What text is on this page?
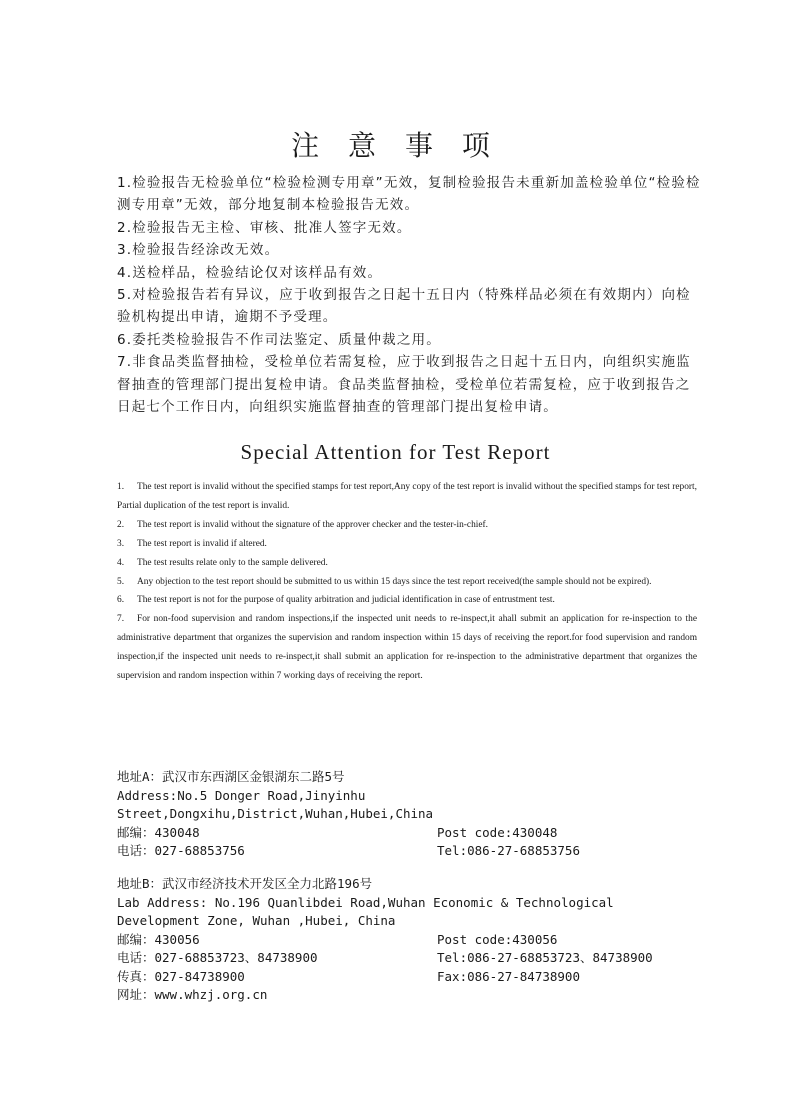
注 意 事 项

1.检验报告无检验单位“检验检测专用章”无效，复制检验报告未重新加盖检验单位“检验检测专用章”无效，部分地复制本检验报告无效。

2.检验报告无主检、审核、批准人签字无效。

3.检验报告经涂改无效。

4.送检样品，检验结论仅对该样品有效。

5.对检验报告若有异议，应于收到报告之日起十五日内（特殊样品必须在有效期内）向检验机构提出申请，逾期不予受理。

6.委托类检验报告不作司法鉴定、质量仲裁之用。

7.非食品类监督抽检，受检单位若需复检，应于收到报告之日起十五日内，向组织实施监督抽查的管理部门提出复检申请。食品类监督抽检，受检单位若需复检，应于收到报告之日起七个工作日内，向组织实施监督抽查的管理部门提出复检申请。

Special Attention for Test Report

1. The test report is invalid without the specified stamps for test report,Any copy of the test report is invalid without the specified stamps for test report, Partial duplication of the test report is invalid.

2. The test report is invalid without the signature of the approver checker and the tester-in-chief.

3. The test report is invalid if altered.

4. The test results relate only to the sample delivered.

5. Any objection to the test report should be submitted to us within 15 days since the test report received(the sample should not be expired).

6. The test report is not for the purpose of quality arbitration and judicial identification in case of entrustment test.

7. For non-food supervision and random inspections,if the inspected unit needs to re-inspect,it ahall submit an application for re-inspection to the administrative department that organizes the supervision and random inspection within 15 days of receiving the report.for food supervision and random inspection,if the inspected unit needs to re-inspect,it shall submit an application for re-inspection to the administrative department that organizes the supervision and random inspection within 7 working days of receiving the report.

地址A：武汉市东西湖区金银湖东二路5号
Address:No.5 Donger Road,Jinyinhu Street,Dongxihu,District,Wuhan,Hubei,China
邮编：430048	Post code:430048
电话：027-68853756	Tel:086-27-68853756
地址B：武汉市经济技术开发区全力北路196号
Lab Address: No.196 Quanlibdei Road,Wuhan Economic & Technological Development Zone, Wuhan ,Hubei, China
邮编：430056	Post code:430056
电话：027-68853723、84738900	Tel:086-27-68853723、84738900
传真：027-84738900	Fax:086-27-84738900
网址：www.whzj.org.cn
